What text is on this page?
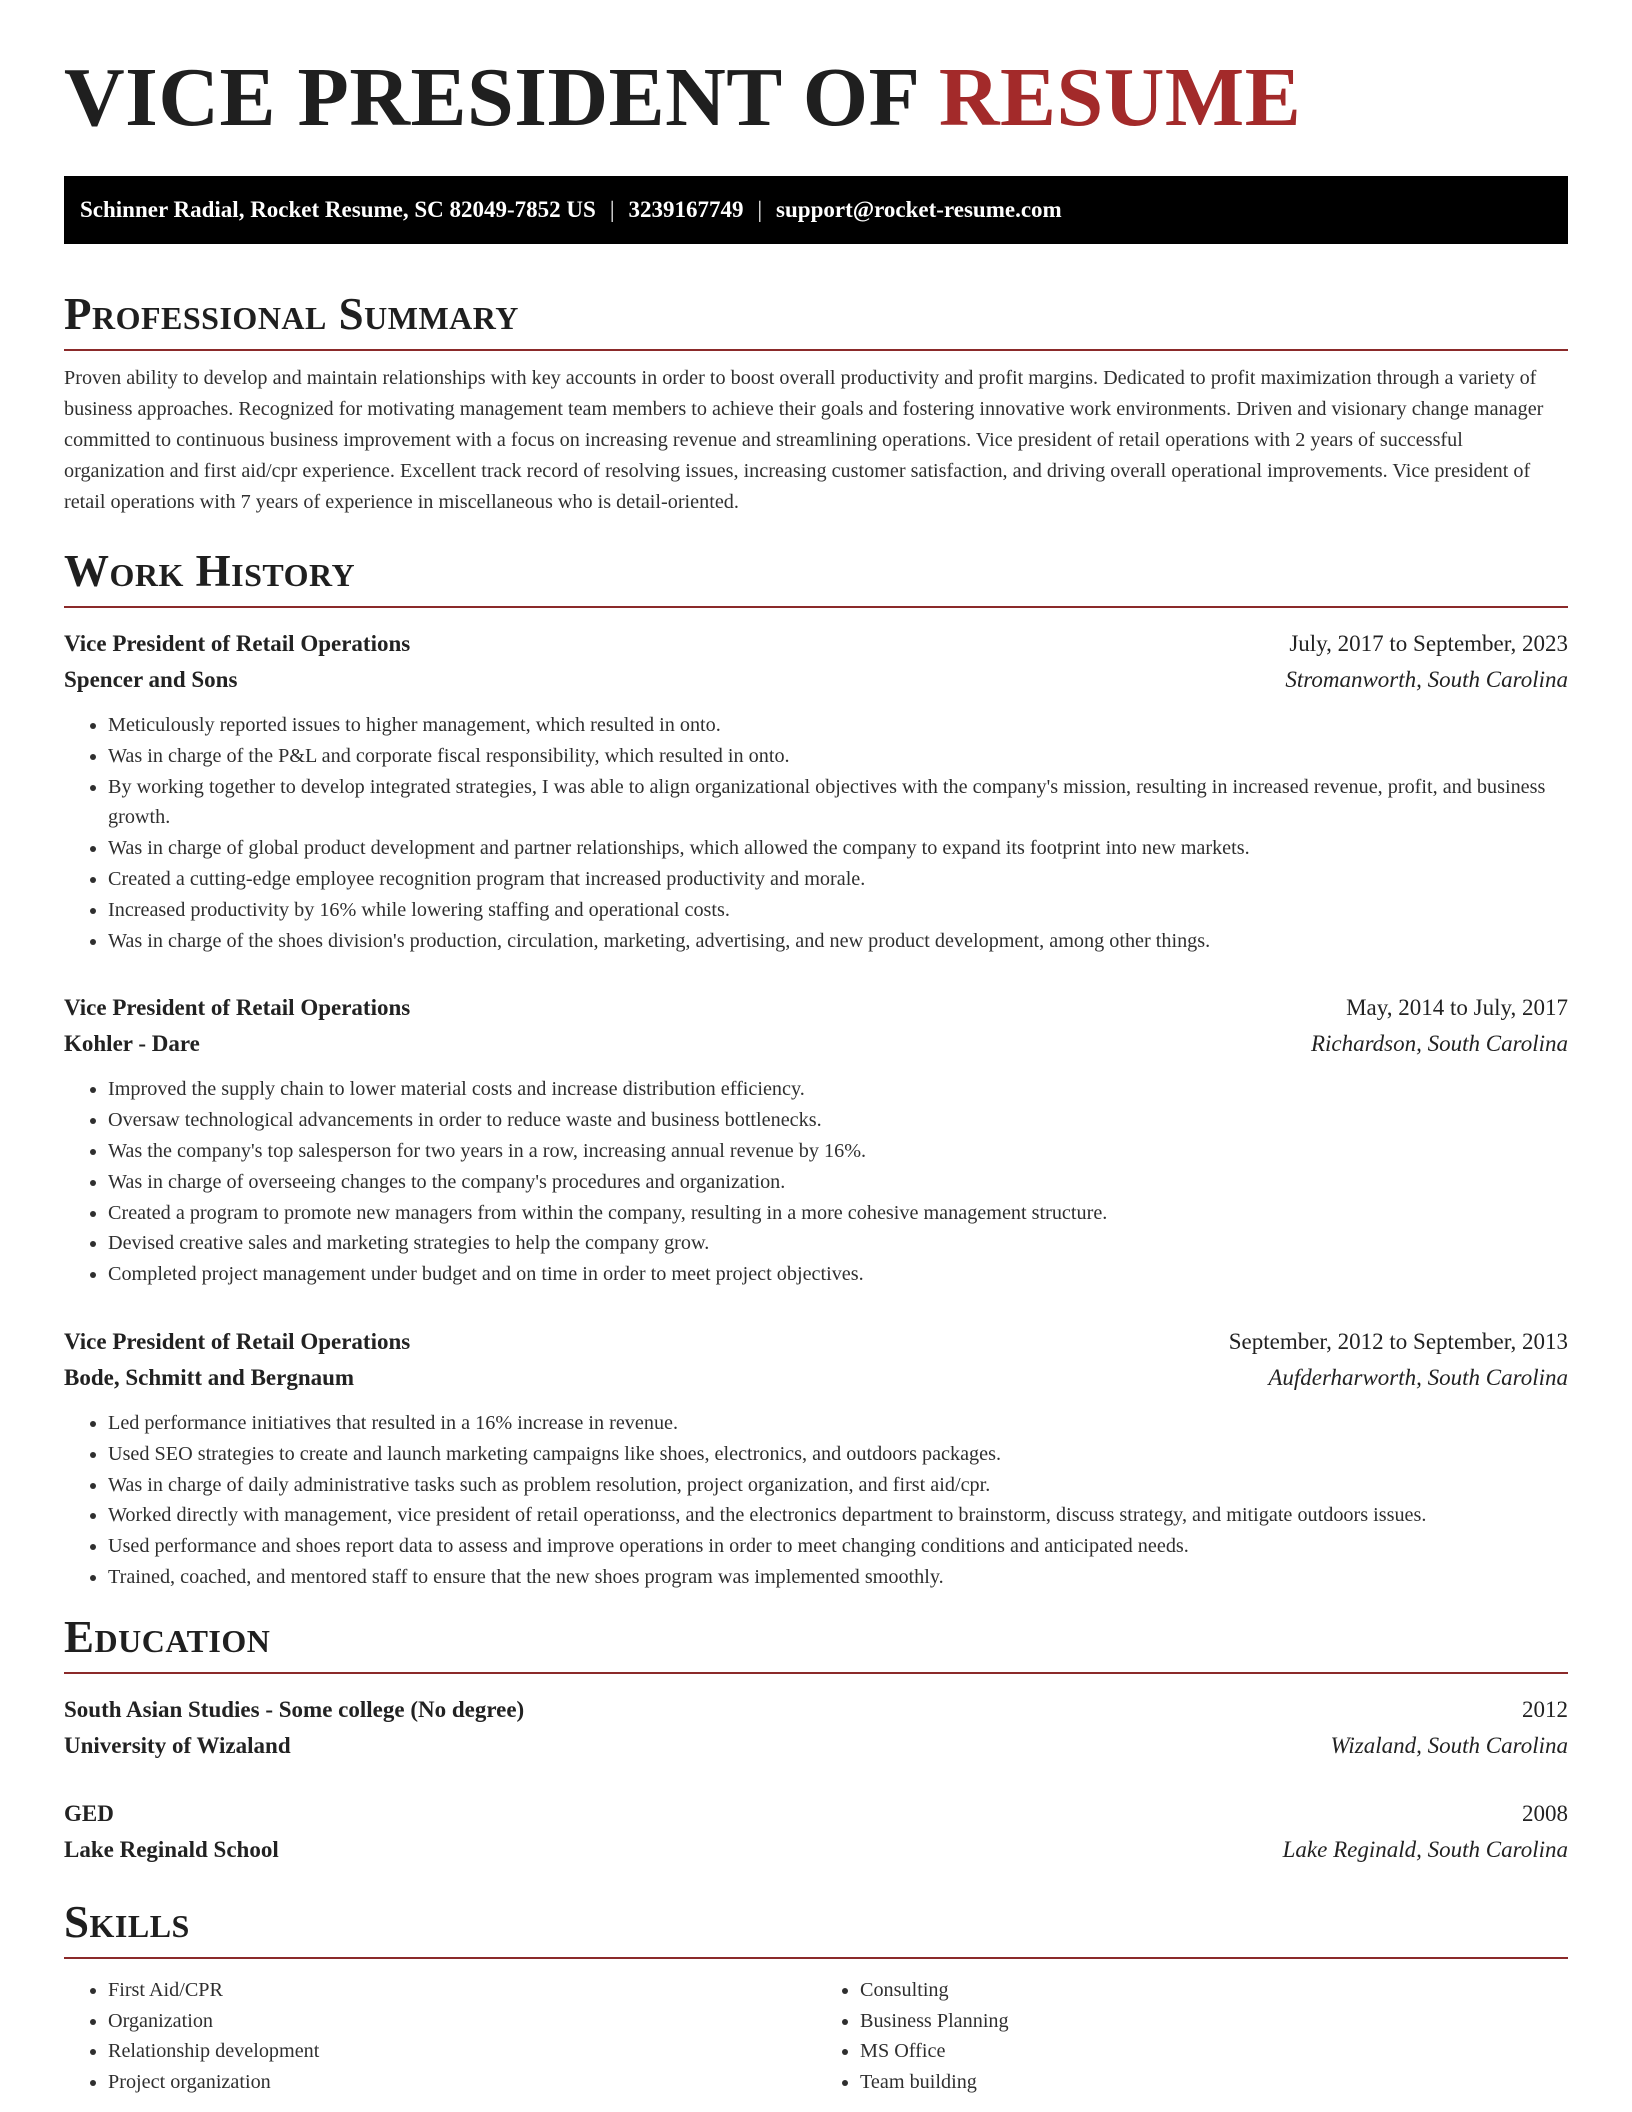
VICE PRESIDENT OF RESUME
Schinner Radial, Rocket Resume, SC 82049-7852 US | 3239167749 | support@rocket-resume.com
Professional Summary

Proven ability to develop and maintain relationships with key accounts in order to boost overall productivity and profit margins. Dedicated to profit maximization through a variety of business approaches. Recognized for motivating management team members to achieve their goals and fostering innovative work environments. Driven and visionary change manager committed to continuous business improvement with a focus on increasing revenue and streamlining operations. Vice president of retail operations with 2 years of successful organization and first aid/cpr experience. Excellent track record of resolving issues, increasing customer satisfaction, and driving overall operational improvements. Vice president of retail operations with 7 years of experience in miscellaneous who is detail-oriented.

Work History
Vice President of Retail Operations	July, 2017 to September, 2023
Spencer and Sons	Stromanworth, South Carolina
• Meticulously reported issues to higher management, which resulted in onto.
• Was in charge of the P&L and corporate fiscal responsibility, which resulted in onto.
• By working together to develop integrated strategies, I was able to align organizational objectives with the company's mission, resulting in increased revenue, profit, and business growth.
• Was in charge of global product development and partner relationships, which allowed the company to expand its footprint into new markets.
• Created a cutting-edge employee recognition program that increased productivity and morale.
• Increased productivity by 16% while lowering staffing and operational costs.
• Was in charge of the shoes division's production, circulation, marketing, advertising, and new product development, among other things.
Vice President of Retail Operations	May, 2014 to July, 2017
Kohler - Dare	Richardson, South Carolina
• Improved the supply chain to lower material costs and increase distribution efficiency.
• Oversaw technological advancements in order to reduce waste and business bottlenecks.
• Was the company's top salesperson for two years in a row, increasing annual revenue by 16%.
• Was in charge of overseeing changes to the company's procedures and organization.
• Created a program to promote new managers from within the company, resulting in a more cohesive management structure.
• Devised creative sales and marketing strategies to help the company grow.
• Completed project management under budget and on time in order to meet project objectives.
Vice President of Retail Operations	September, 2012 to September, 2013
Bode, Schmitt and Bergnaum	Aufderharworth, South Carolina
• Led performance initiatives that resulted in a 16% increase in revenue.
• Used SEO strategies to create and launch marketing campaigns like shoes, electronics, and outdoors packages.
• Was in charge of daily administrative tasks such as problem resolution, project organization, and first aid/cpr.
• Worked directly with management, vice president of retail operationss, and the electronics department to brainstorm, discuss strategy, and mitigate outdoors issues.
• Used performance and shoes report data to assess and improve operations in order to meet changing conditions and anticipated needs.
• Trained, coached, and mentored staff to ensure that the new shoes program was implemented smoothly.
Education
South Asian Studies - Some college (No degree)	2012
University of Wizaland	Wizaland, South Carolina
GED	2008
Lake Reginald School	Lake Reginald, South Carolina
Skills
• First Aid/CPR
• Organization
• Relationship development
• Project organization
• Consulting
• Business Planning
• MS Office
• Team building
